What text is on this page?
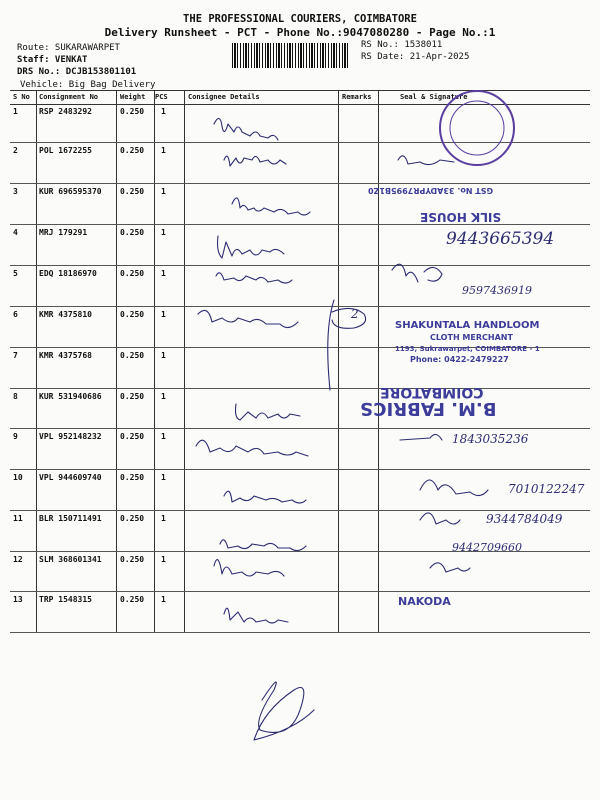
THE PROFESSIONAL COURIERS, COIMBATORE
Delivery Runsheet - PCT - Phone No.:9047080280 - Page No.:1
Route: SUKARAWARPET
Staff: VENKAT
DRS No.: DCJB153801101
Vehicle: Big Bag Delivery
RS No.: 1538011
RS Date: 21-Apr-2025
S No Consignment No	Weight PCS	Consignee Details	Remarks	Seal & Signature
1	RSP 2483292	0.250 1
2	POL 1672255	0.250 1
3	KUR 696595370 0.250 1
4	MRJ 179291	0.250 1
5	EDQ 18186970	0.250 1
6	KMR 4375810	0.250 1
7	KMR 4375768	0.250 1
8	KUR 531940686 0.250 1
9	VPL 952148232 0.250 1
10 VPL 944609740 0.250 1
11 BLR 150711491 0.250 1
12 SLM 368601341 0.250 1
13 TRP 1548315	0.250 1
9443665394
9597436919
1843035236
7010122247
9344784049
9442709660
2
SILK HOUSE
GST No. 33ADYPR7995B1Z0
SHAKUNTALA HANDLOOM
CLOTH MERCHANT
1193, Sukrawarpet, COIMBATORE - 1
Phone: 0422-2479227
COIMBATORE
B.M. FABRICS
NAKODA
